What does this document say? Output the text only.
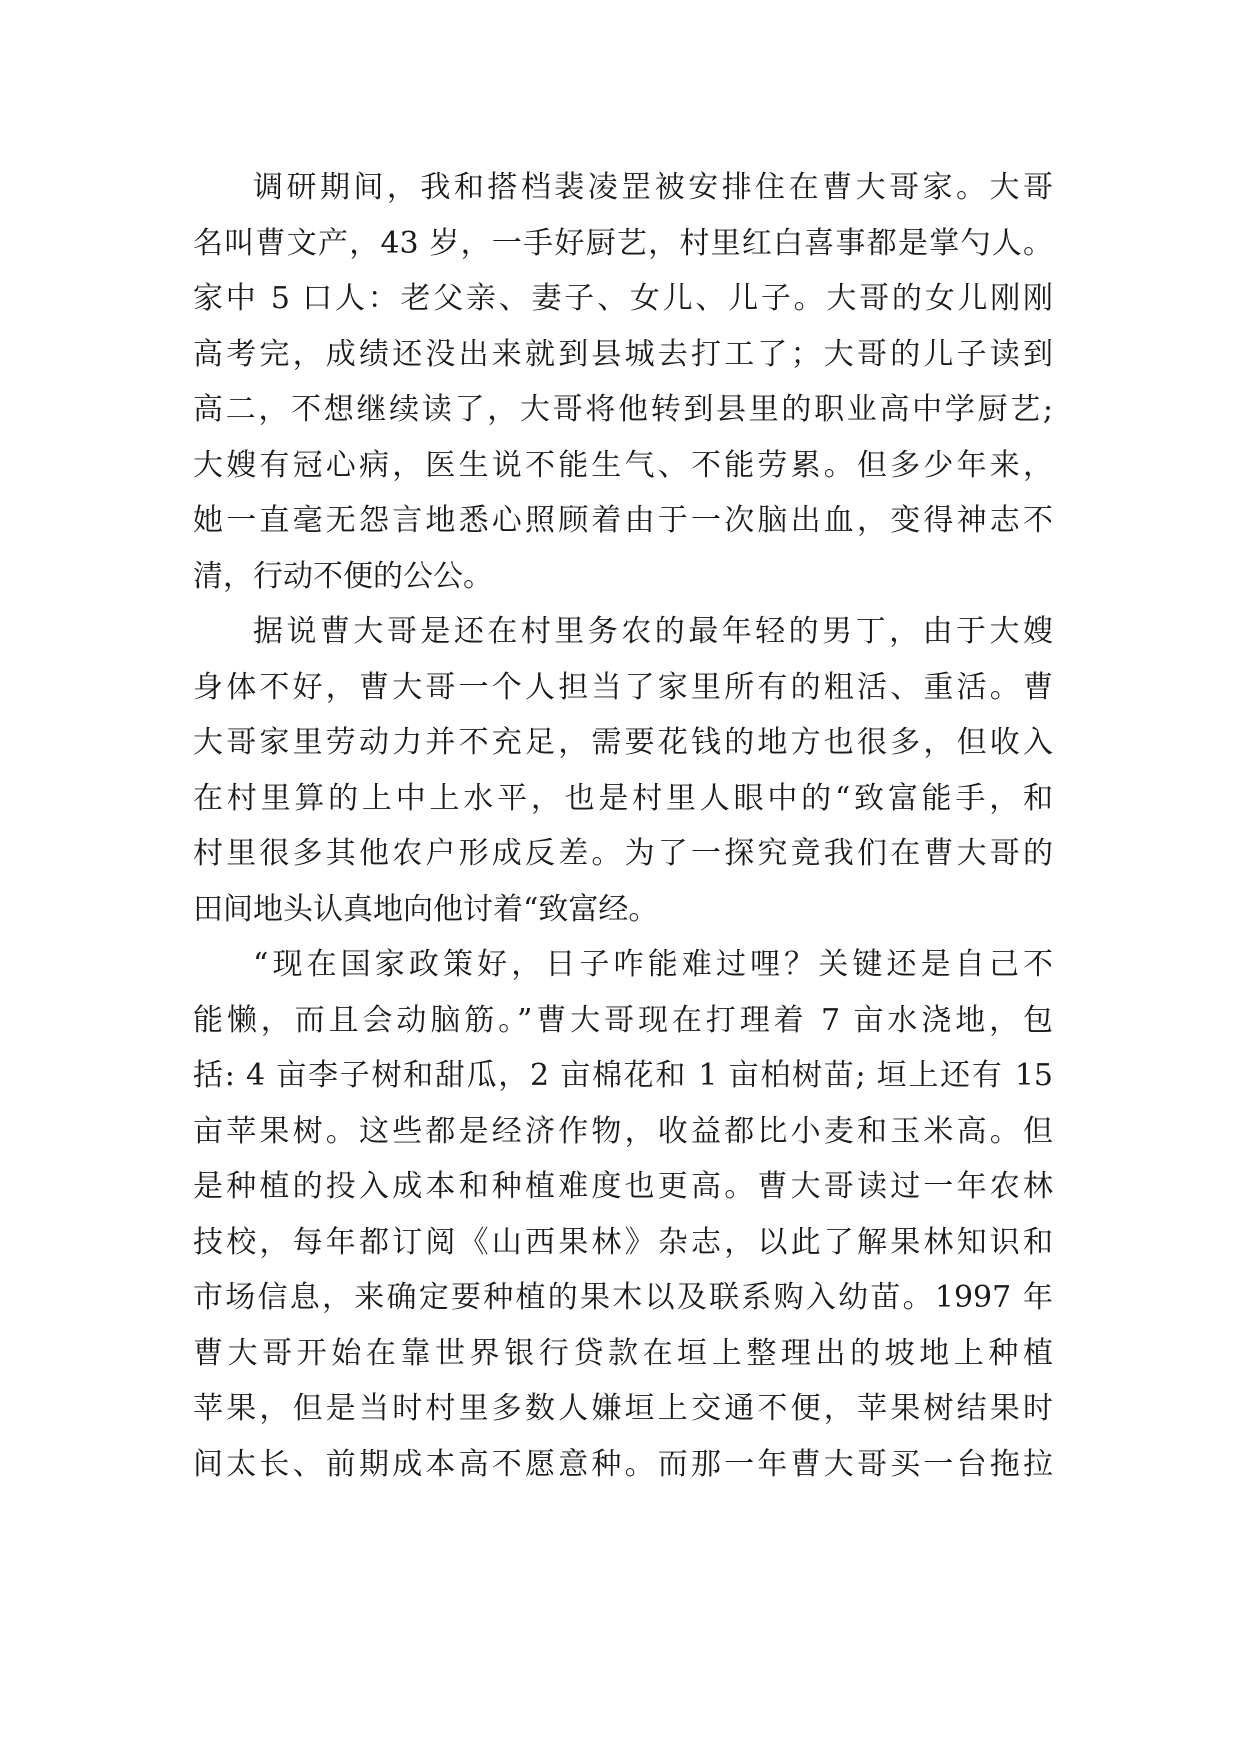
调研期间，我和搭档裴凌罡被安排住在曹大哥家。大哥
名叫曹文产，43 岁，一手好厨艺，村里红白喜事都是掌勺人。
家中 5 口人：老父亲、妻子、女儿、儿子。大哥的女儿刚刚
高考完，成绩还没出来就到县城去打工了；大哥的儿子读到
高二，不想继续读了，大哥将他转到县里的职业高中学厨艺;
大嫂有冠心病，医生说不能生气、不能劳累。但多少年来，
她一直毫无怨言地悉心照顾着由于一次脑出血，变得神志不
清，行动不便的公公。
据说曹大哥是还在村里务农的最年轻的男丁，由于大嫂
身体不好，曹大哥一个人担当了家里所有的粗活、重活。曹
大哥家里劳动力并不充足，需要花钱的地方也很多，但收入
在村里算的上中上水平，也是村里人眼中的“致富能手，和
村里很多其他农户形成反差。为了一探究竟我们在曹大哥的
田间地头认真地向他讨着“致富经。
“现在国家政策好，日子咋能难过哩？关键还是自己不
能懒，而且会动脑筋。”曹大哥现在打理着 7 亩水浇地，包
括: 4 亩李子树和甜瓜，2 亩棉花和 1 亩柏树苗; 垣上还有 15
亩苹果树。这些都是经济作物，收益都比小麦和玉米高。但
是种植的投入成本和种植难度也更高。曹大哥读过一年农林
技校，每年都订阅《山西果林》杂志，以此了解果林知识和
市场信息，来确定要种植的果木以及联系购入幼苗。1997 年
曹大哥开始在靠世界银行贷款在垣上整理出的坡地上种植
苹果，但是当时村里多数人嫌垣上交通不便，苹果树结果时
间太长、前期成本高不愿意种。而那一年曹大哥买一台拖拉
